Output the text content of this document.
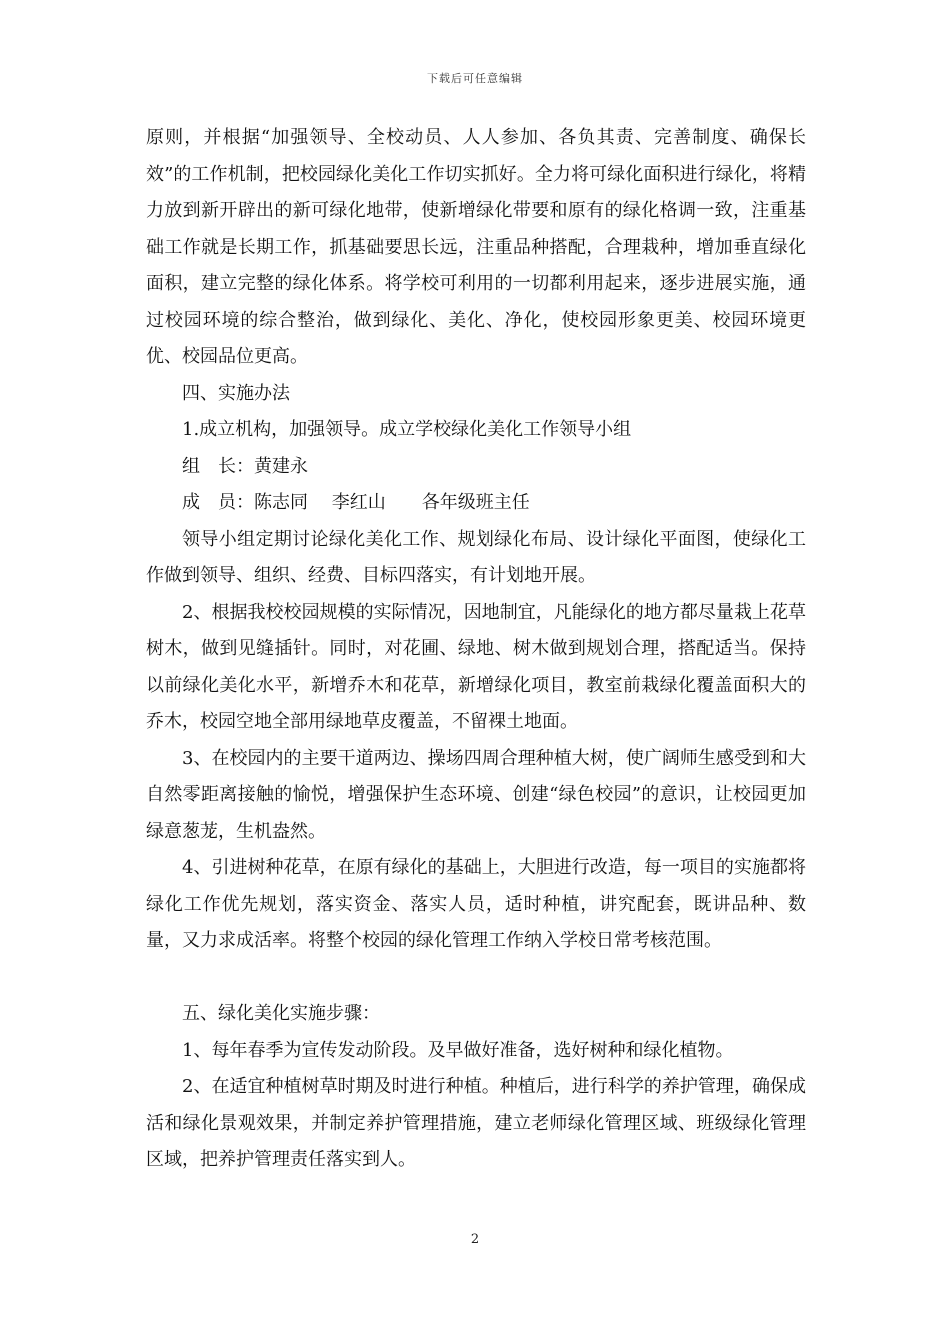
下载后可任意编辑

原则，并根据“加强领导、全校动员、人人参加、各负其责、完善制度、确保长效”的工作机制，把校园绿化美化工作切实抓好。全力将可绿化面积进行绿化，将精力放到新开辟出的新可绿化地带，使新增绿化带要和原有的绿化格调一致，注重基础工作就是长期工作，抓基础要思长远，注重品种搭配，合理栽种，增加垂直绿化面积，建立完整的绿化体系。将学校可利用的一切都利用起来，逐步进展实施，通过校园环境的综合整治，做到绿化、美化、净化，使校园形象更美、校园环境更优、校园品位更高。

四、实施办法

1.成立机构，加强领导。成立学校绿化美化工作领导小组

组　长：黄建永

成　员：陈志同　 李红山　　各年级班主任

领导小组定期讨论绿化美化工作、规划绿化布局、设计绿化平面图，使绿化工作做到领导、组织、经费、目标四落实，有计划地开展。

2、根据我校校园规模的实际情况，因地制宜，凡能绿化的地方都尽量栽上花草树木，做到见缝插针。同时，对花圃、绿地、树木做到规划合理，搭配适当。保持以前绿化美化水平，新增乔木和花草，新增绿化项目，教室前栽绿化覆盖面积大的乔木，校园空地全部用绿地草皮覆盖，不留裸土地面。

3、在校园内的主要干道两边、操场四周合理种植大树，使广阔师生感受到和大自然零距离接触的愉悦，增强保护生态环境、创建“绿色校园”的意识，让校园更加绿意葱茏，生机盎然。

4、引进树种花草，在原有绿化的基础上，大胆进行改造，每一项目的实施都将绿化工作优先规划，落实资金、落实人员，适时种植，讲究配套，既讲品种、数量，又力求成活率。将整个校园的绿化管理工作纳入学校日常考核范围。

五、绿化美化实施步骤：

1、每年春季为宣传发动阶段。及早做好准备，选好树种和绿化植物。

2、在适宜种植树草时期及时进行种植。种植后，进行科学的养护管理，确保成活和绿化景观效果，并制定养护管理措施，建立老师绿化管理区域、班级绿化管理区域，把养护管理责任落实到人。

2
